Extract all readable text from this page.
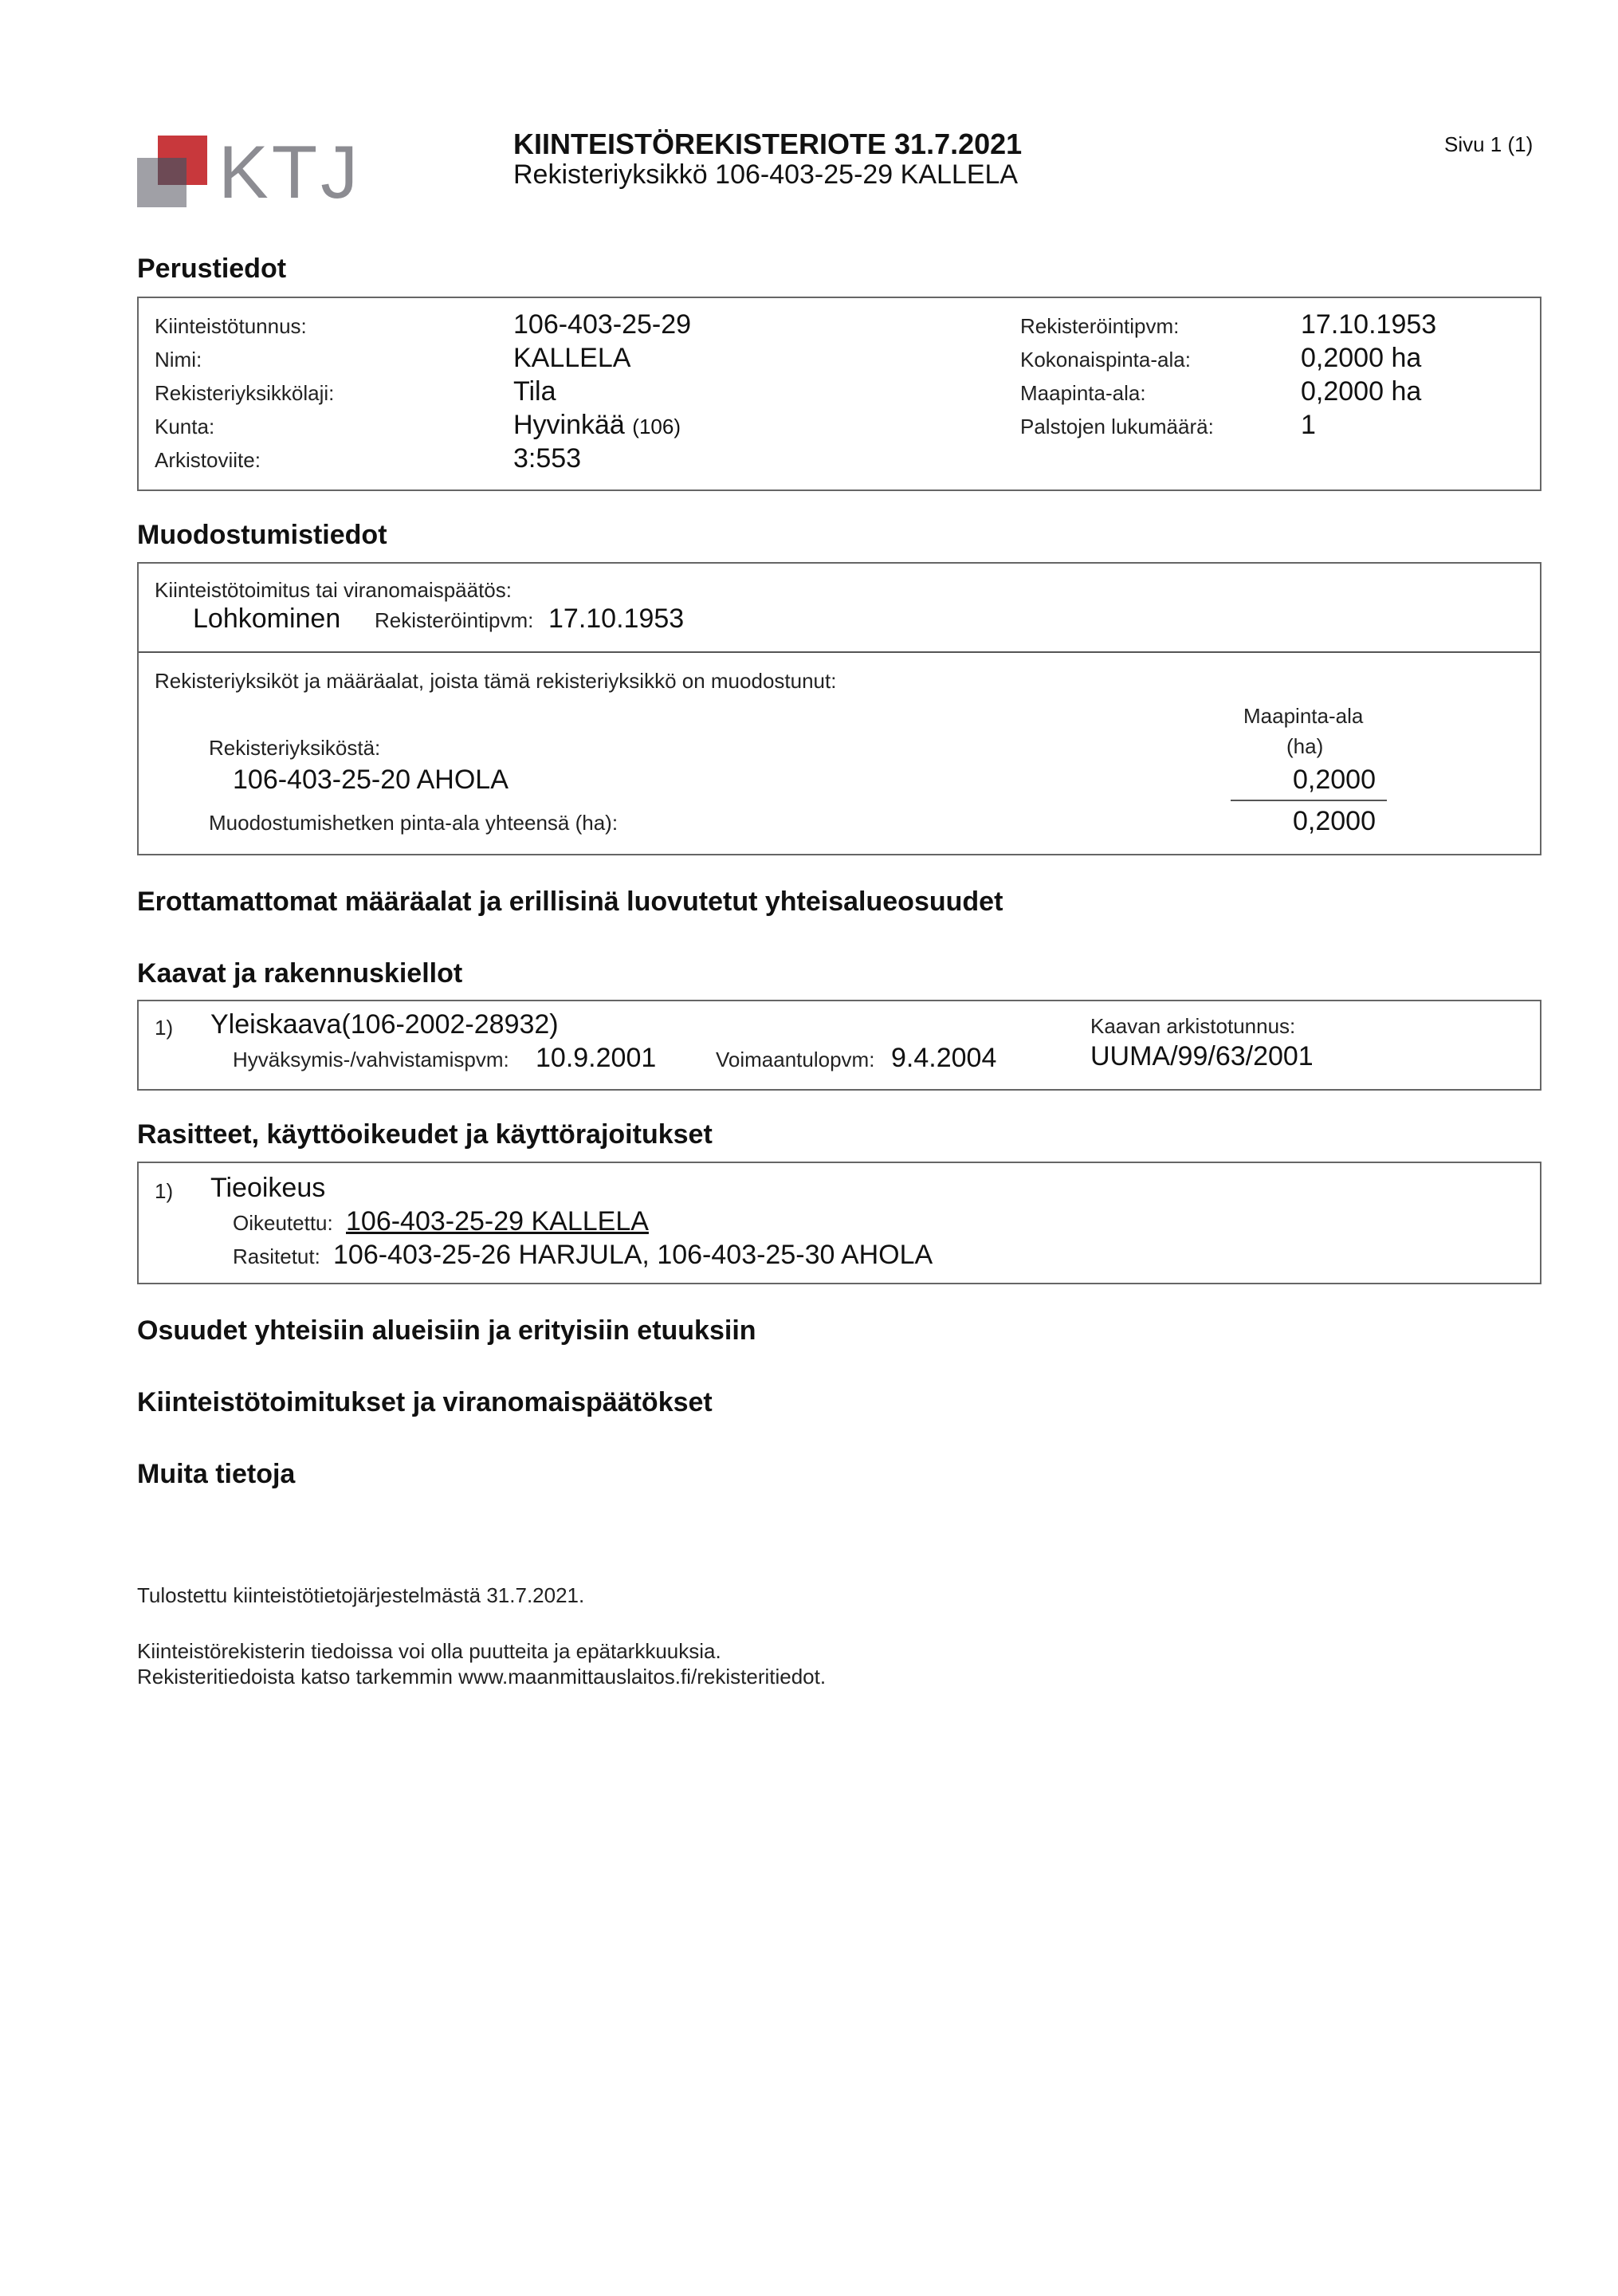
KTJ	KIINTEISTÖREKISTERIOTE 31.7.2021
Rekisteriyksikkö 106-403-25-29 KALLELA
Sivu 1 (1)
Perustiedot
Kiinteistötunnus:	106-403-25-29
Nimi:	KALLELA
Rekisteriyksikkölaji:	Tila
Kunta:	Hyvinkää (106)
Arkistoviite:	3:553
Rekisteröintipvm:	17.10.1953
Kokonaispinta-ala:	0,2000 ha
Maapinta-ala:	0,2000 ha
Palstojen lukumäärä:	1
Muodostumistiedot
Kiinteistötoimitus tai viranomaispäätös:
Lohkominen Rekisteröintipvm: 17.10.1953
Rekisteriyksiköt ja määräalat, joista tämä rekisteriyksikkö on muodostunut:
Maapinta-ala
(ha)
Rekisteriyksiköstä:
106-403-25-20 AHOLA	0,2000
Muodostumishetken pinta-ala yhteensä (ha):	0,2000
Erottamattomat määräalat ja erillisinä luovutetut yhteisalueosuudet
Kaavat ja rakennuskiellot
1) Yleiskaava(106-2002-28932)
Hyväksymis-/vahvistamispvm: 10.9.2001	Voimaantulopvm: 9.4.2004
Kaavan arkistotunnus:
UUMA/99/63/2001
Rasitteet, käyttöoikeudet ja käyttörajoitukset
1) Tieoikeus
Oikeutettu: 106-403-25-29 KALLELA
Rasitetut: 106-403-25-26 HARJULA, 106-403-25-30 AHOLA
Osuudet yhteisiin alueisiin ja erityisiin etuuksiin
Kiinteistötoimitukset ja viranomaispäätökset
Muita tietoja
Tulostettu kiinteistötietojärjestelmästä 31.7.2021.
Kiinteistörekisterin tiedoissa voi olla puutteita ja epätarkkuuksia.
Rekisteritiedoista katso tarkemmin www.maanmittauslaitos.fi/rekisteritiedot.
